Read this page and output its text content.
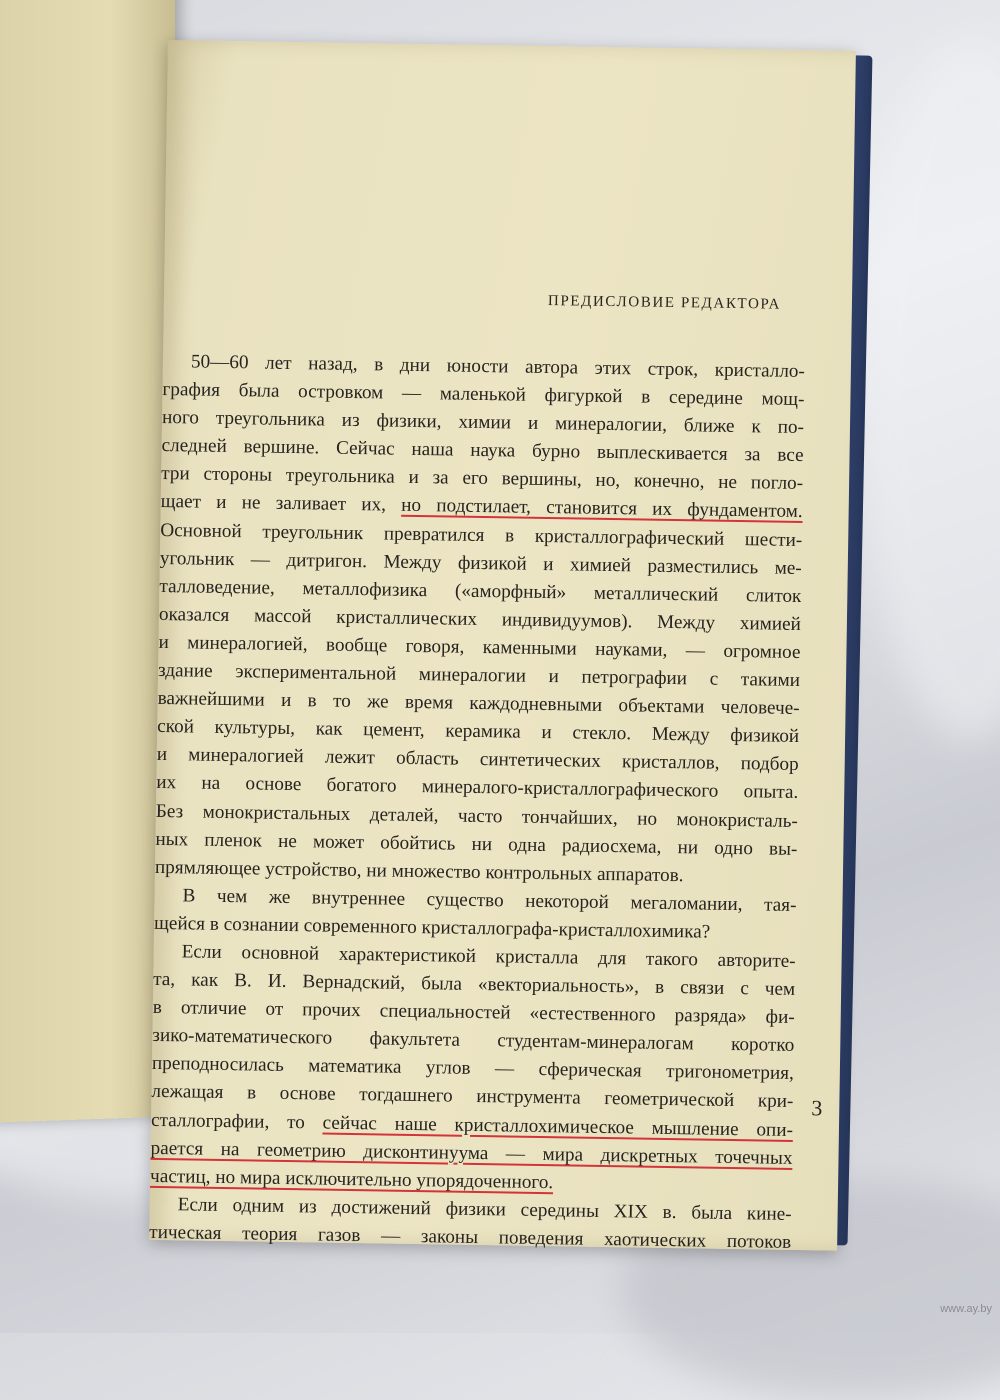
ПРЕДИСЛОВИЕ РЕДАКТОРА
50—60 лет назад, в дни юности автора этих строк, кристалло-
графия была островком — маленькой фигуркой в середине мощ-
ного треугольника из физики, химии и минералогии, ближе к по-
следней вершине. Сейчас наша наука бурно выплескивается за все
три стороны треугольника и за его вершины, но, конечно, не погло-
щает и не заливает их, но подстилает, становится их фундаментом.
Основной треугольник превратился в кристаллографический шести-
угольник — дитригон. Между физикой и химией разместились ме-
талловедение, металлофизика («аморфный» металлический слиток
оказался массой кристаллических индивидуумов). Между химией
и минералогией, вообще говоря, каменными науками, — огромное
здание экспериментальной минералогии и петрографии с такими
важнейшими и в то же время каждодневными объектами человече-
ской культуры, как цемент, керамика и стекло. Между физикой
и минералогией лежит область синтетических кристаллов, подбор
их на основе богатого минералого-кристаллографического опыта.
Без монокристальных деталей, часто тончайших, но монокристаль-
ных пленок не может обойтись ни одна радиосхема, ни одно вы-
прямляющее устройство, ни множество контрольных аппаратов.
В чем же внутреннее существо некоторой мегаломании, тая-
щейся в сознании современного кристаллографа-кристаллохимика?
Если основной характеристикой кристалла для такого авторите-
та, как В. И. Вернадский, была «векториальность», в связи с чем
в отличие от прочих специальностей «естественного разряда» фи-
зико-математического факультета студентам-минералогам коротко
преподносилась математика углов — сферическая тригонометрия,
лежащая в основе тогдашнего инструмента геометрической кри-
сталлографии, то сейчас наше кристаллохимическое мышление опи-
рается на геометрию дисконтинуума — мира дискретных точечных
частиц, но мира исключительно упорядоченного.
Если одним из достижений физики середины XIX в. была кине-
тическая теория газов — законы поведения хаотических потоков
3
www.ay.by
